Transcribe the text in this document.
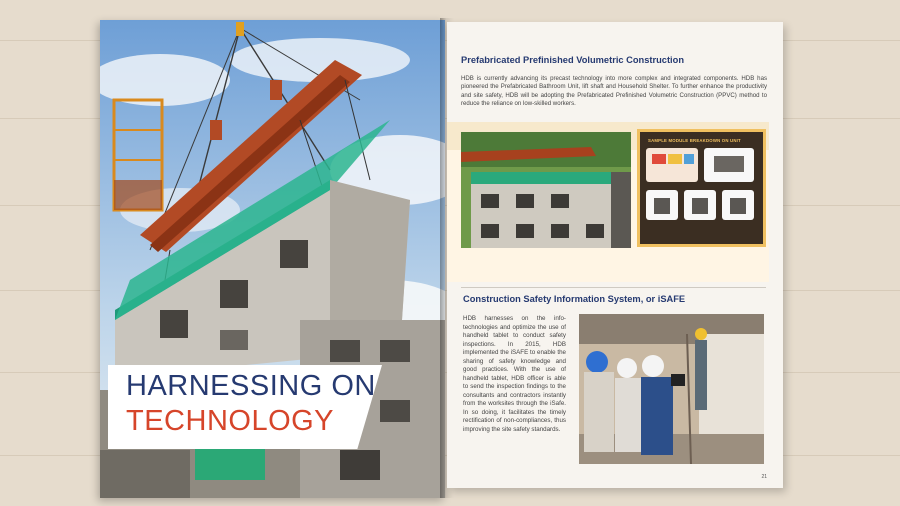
HARNESSING ON
TECHNOLOGY
Prefabricated Prefinished Volumetric Construction

HDB is currently advancing its precast technology into more complex and integrated components. HDB has pioneered the Prefabricated Bathroom Unit, lift shaft and Household Shelter. To further enhance the productivity and site safety, HDB will be adopting the Prefabricated Prefinished Volumetric Construction (PPVC) method to reduce the reliance on low-skilled workers.

SAMPLE MODULE BREAKDOWN ON UNIT
Construction Safety Information System, or iSAFE

HDB harnesses on the info-technologies and optimize the use of handheld tablet to conduct safety inspections. In 2015, HDB implemented the iSAFE to enable the sharing of safety knowledge and good practices. With the use of handheld tablet, HDB officer is able to send the inspection findings to the consultants and contractors instantly from the worksites through the iSafe. In so doing, it facilitates the timely rectification of non-compliances, thus improving the site safety standards.

21
